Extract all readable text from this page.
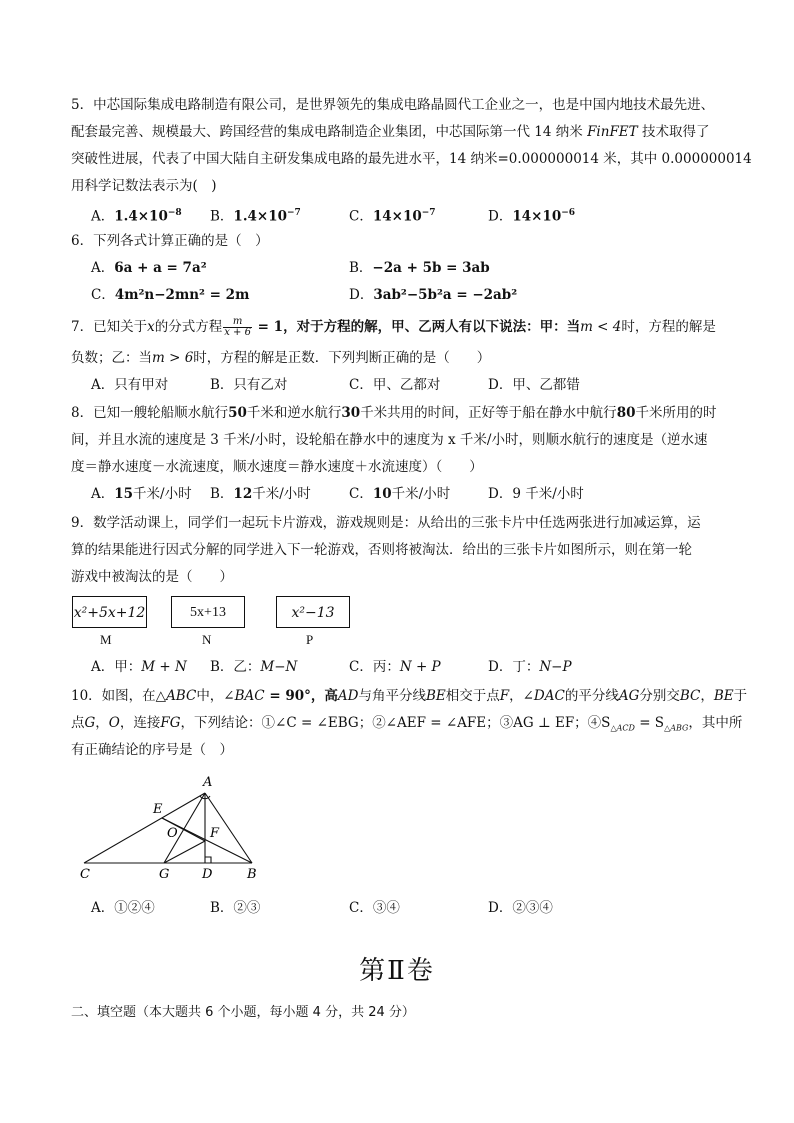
5．中芯国际集成电路制造有限公司，是世界领先的集成电路晶圆代工企业之一，也是中国内地技术最先进、
配套最完善、规模最大、跨国经营的集成电路制造企业集团，中芯国际第一代 14 纳米 FinFET 技术取得了
突破性进展，代表了中国大陆自主研发集成电路的最先进水平，14 纳米=0.000000014 米，其中 0.000000014
用科学记数法表示为(　)
A．$1.4\times 10^{-8}$ B．$1.4\times 10^{-7}$	C．$14\times 10^{-7}$	D．$14\times 10^{-6}$
6．下列各式计算正确的是（　）
A．6a + a = 7a²	B．−2a + 5b = 3ab
C．4m²n−2mn² = 2m	D．3ab²−5b²a = −2ab²
7．已知关于x的分式方程 $\frac{m}{x + 6} = 1$，对于方程的解，甲、乙两人有以下说法：甲：当m < 4时，方程的解是
负数；乙：当m > 6时，方程的解是正数．下列判断正确的是（　　）
A．只有甲对	B．只有乙对	C．甲、乙都对	D．甲、乙都错
8．已知一艘轮船顺水航行50千米和逆水航行30千米共用的时间，正好等于船在静水中航行80千米所用的时
间，并且水流的速度是 3 千米/小时，设轮船在静水中的速度为 x 千米/小时，则顺水航行的速度是（逆水速
度＝静水速度－水流速度，顺水速度＝静水速度＋水流速度）（　　）
A．15千米/小时 B．12千米/小时	C．10千米/小时	D．9 千米/小时
9．数学活动课上，同学们一起玩卡片游戏，游戏规则是：从给出的三张卡片中任选两张进行加减运算，运
算的结果能进行因式分解的同学进入下一轮游戏，否则将被淘汰．给出的三张卡片如图所示，则在第一轮
游戏中被淘汰的是（　　）
x²+5x+12
M
5x+13
N
x²−13
P
A．甲：M + N B．乙：M−N	C．丙：N + P	D．丁：N−P
10．如图，在△ABC中，∠BAC = 90°，高AD与角平分线BE相交于点F，∠DAC的平分线AG分别交BC，BE于
点G，O，连接FG，下列结论：①∠C = ∠EBG；②∠AEF = ∠AFE；③AG ⊥ EF；$④S_{\triangle ACD} = S_{\triangle ABG}$，其中所
有正确结论的序号是（　）
A
E
O F
C	G	D	B
A．①②④	B．②③	C．③④	D．②③④
第Ⅱ卷
二、填空题（本大题共 6 个小题，每小题 4 分，共 24 分）
